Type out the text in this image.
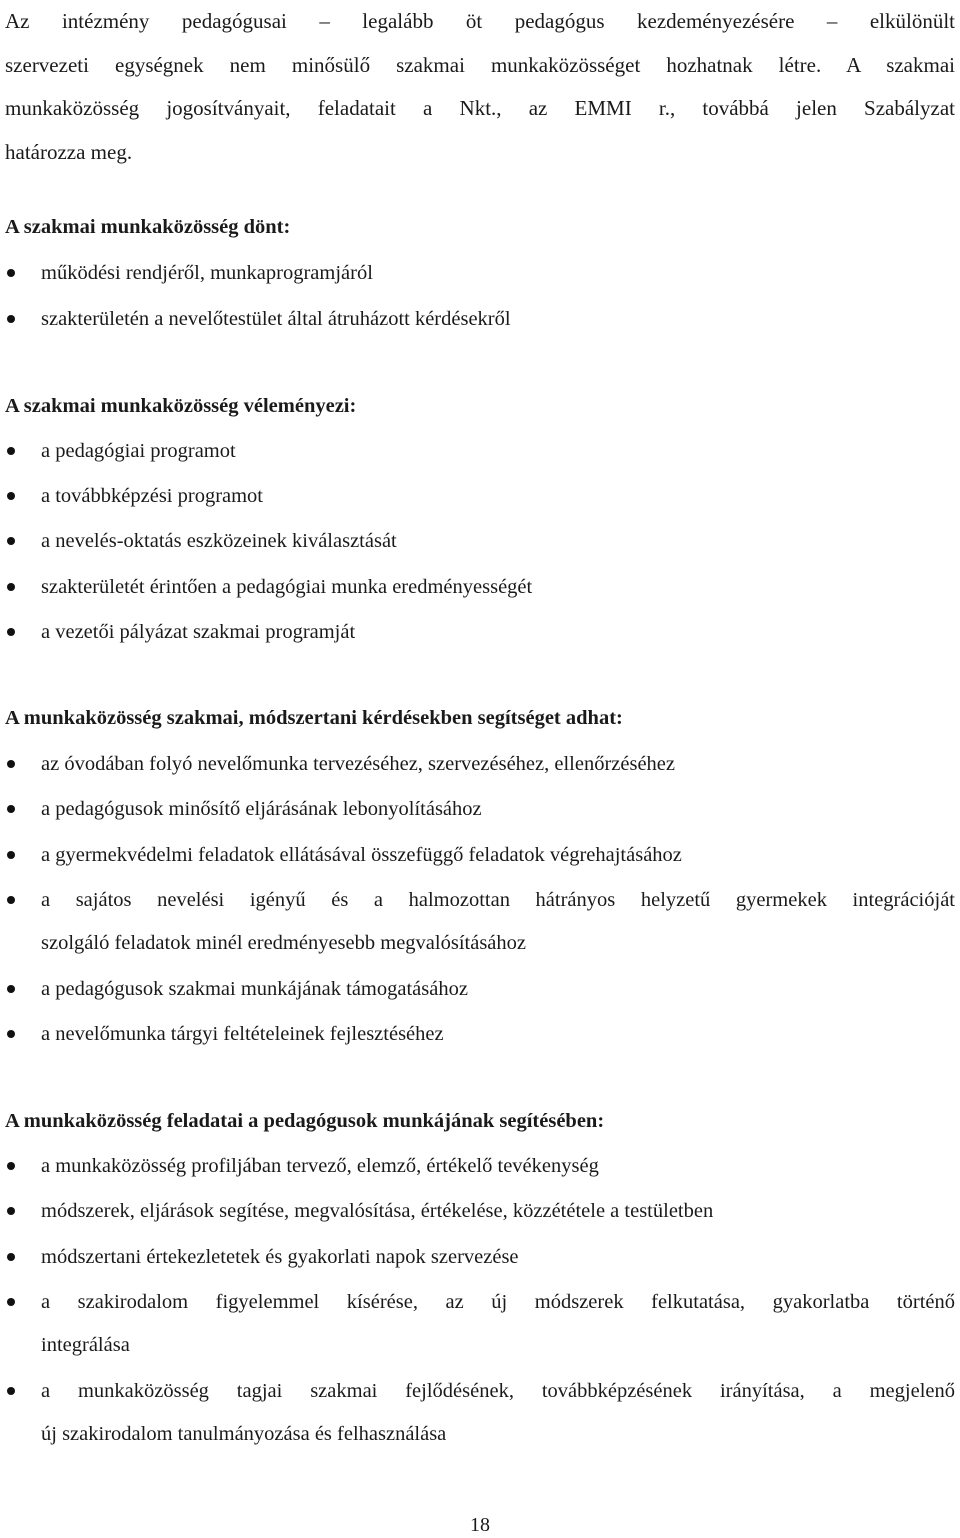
Az intézmény pedagógusai – legalább öt pedagógus kezdeményezésére – elkülönült
szervezeti egységnek nem minősülő szakmai munkaközösséget hozhatnak létre. A szakmai
munkaközösség jogosítványait, feladatait a Nkt., az EMMI r., továbbá jelen Szabályzat
határozza meg.

A szakmai munkaközösség dönt:
működési rendjéről, munkaprogramjáról
szakterületén a nevelőtestület által átruházott kérdésekről
A szakmai munkaközösség véleményezi:
a pedagógiai programot
a továbbképzési programot
a nevelés-oktatás eszközeinek kiválasztását
szakterületét érintően a pedagógiai munka eredményességét
a vezetői pályázat szakmai programját
A munkaközösség szakmai, módszertani kérdésekben segítséget adhat:
az óvodában folyó nevelőmunka tervezéséhez, szervezéséhez, ellenőrzéséhez
a pedagógusok minősítő eljárásának lebonyolításához
a gyermekvédelmi feladatok ellátásával összefüggő feladatok végrehajtásához
a sajátos nevelési igényű és a halmozottan hátrányos helyzetű gyermekek integrációját
szolgáló feladatok minél eredményesebb megvalósításához
a pedagógusok szakmai munkájának támogatásához
a nevelőmunka tárgyi feltételeinek fejlesztéséhez
A munkaközösség feladatai a pedagógusok munkájának segítésében:
a munkaközösség profiljában tervező, elemző, értékelő tevékenység
módszerek, eljárások segítése, megvalósítása, értékelése, közzététele a testületben
módszertani értekezletetek és gyakorlati napok szervezése
a szakirodalom figyelemmel kísérése, az új módszerek felkutatása, gyakorlatba történő
integrálása
a munkaközösség tagjai szakmai fejlődésének, továbbképzésének irányítása, a megjelenő
új szakirodalom tanulmányozása és felhasználása
18
